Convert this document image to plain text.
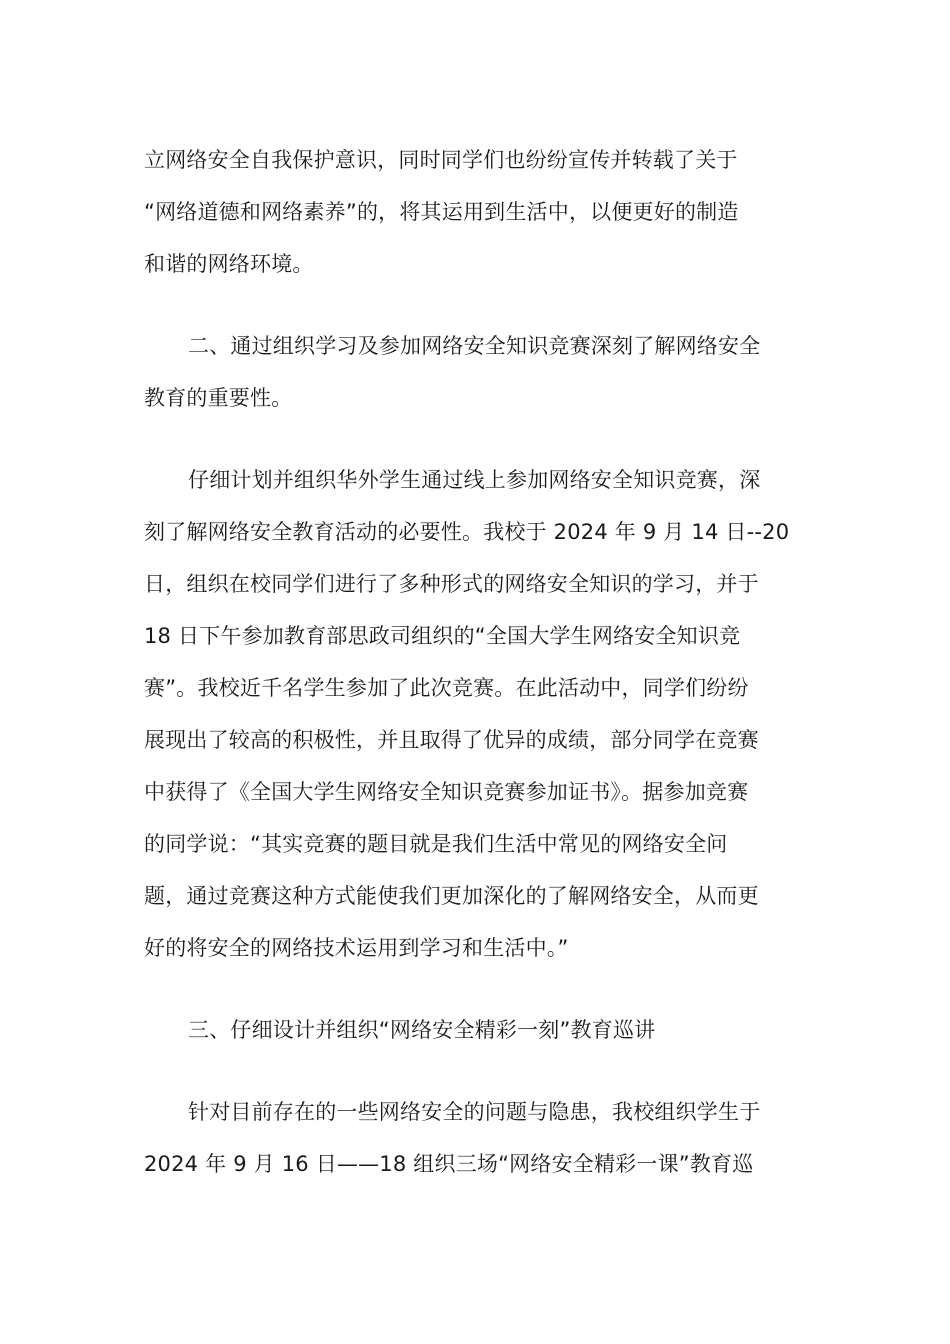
立网络安全自我保护意识，同时同学们也纷纷宣传并转载了关于
“网络道德和网络素养”的，将其运用到生活中，以便更好的制造
和谐的网络环境。

二、通过组织学习及参加网络安全知识竞赛深刻了解网络安全
教育的重要性。

仔细计划并组织华外学生通过线上参加网络安全知识竞赛，深
刻了解网络安全教育活动的必要性。我校于 2024 年 9 月 14 日--20
日，组织在校同学们进行了多种形式的网络安全知识的学习，并于
18 日下午参加教育部思政司组织的“全国大学生网络安全知识竞
赛”。我校近千名学生参加了此次竞赛。在此活动中，同学们纷纷
展现出了较高的积极性，并且取得了优异的成绩，部分同学在竞赛
中获得了《全国大学生网络安全知识竞赛参加证书》。据参加竞赛
的同学说：“其实竞赛的题目就是我们生活中常见的网络安全问
题，通过竞赛这种方式能使我们更加深化的了解网络安全，从而更
好的将安全的网络技术运用到学习和生活中。”

三、仔细设计并组织“网络安全精彩一刻”教育巡讲

针对目前存在的一些网络安全的问题与隐患，我校组织学生于
2024 年 9 月 16 日——18 组织三场“网络安全精彩一课”教育巡
